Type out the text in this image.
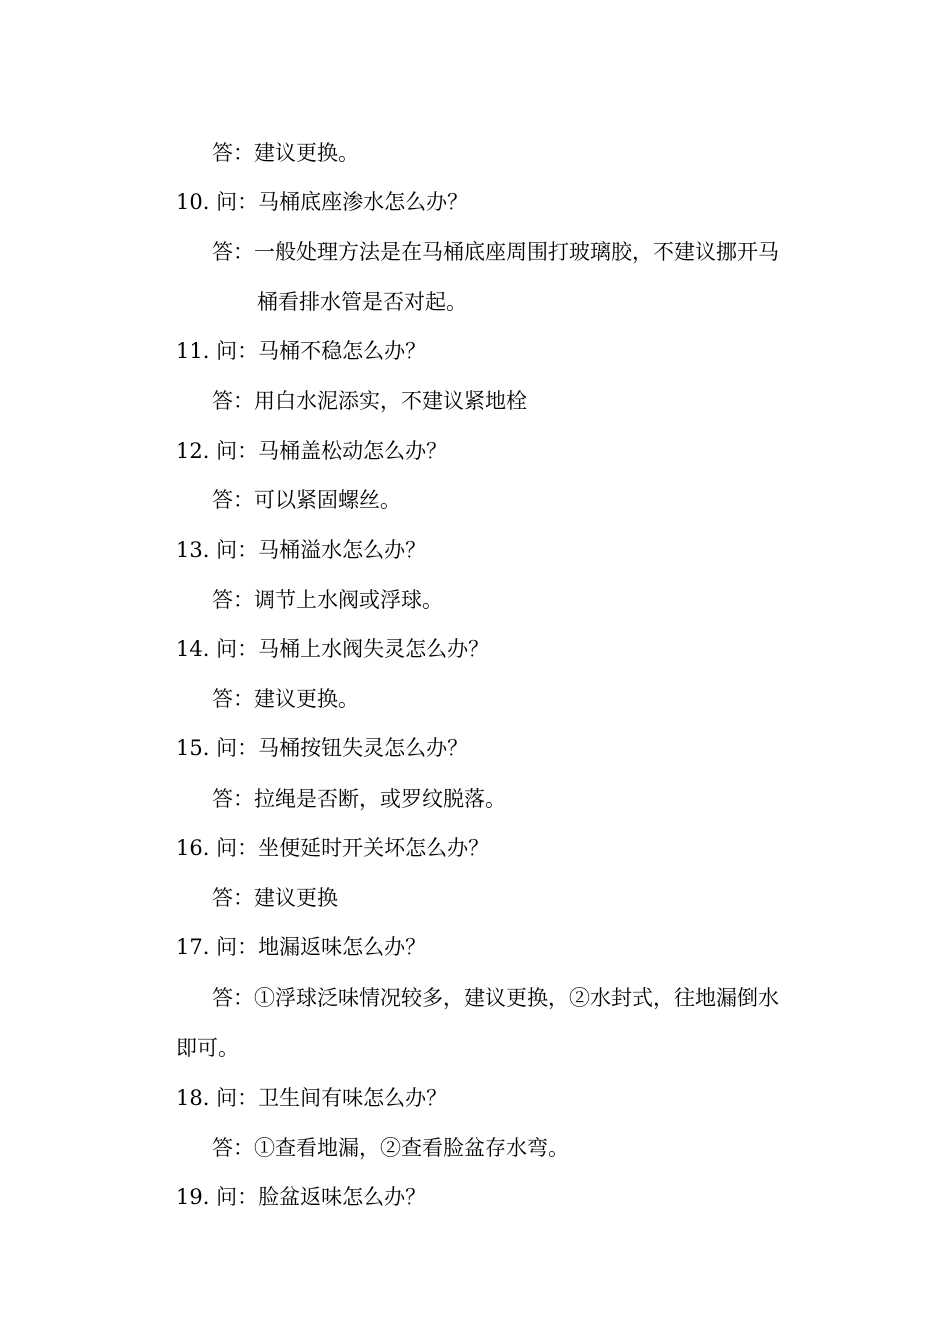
答：建议更换。
10. 问：马桶底座渗水怎么办？
答：一般处理方法是在马桶底座周围打玻璃胶，不建议挪开马
桶看排水管是否对起。
11. 问：马桶不稳怎么办？
答：用白水泥添实，不建议紧地栓
12. 问：马桶盖松动怎么办？
答：可以紧固螺丝。
13. 问：马桶溢水怎么办？
答：调节上水阀或浮球。
14. 问：马桶上水阀失灵怎么办？
答：建议更换。
15. 问：马桶按钮失灵怎么办？
答：拉绳是否断，或罗纹脱落。
16. 问：坐便延时开关坏怎么办？
答：建议更换
17. 问：地漏返味怎么办？
答：①浮球泛味情况较多，建议更换，②水封式，往地漏倒水
即可。
18. 问：卫生间有味怎么办？
答：①查看地漏，②查看脸盆存水弯。
19. 问：脸盆返味怎么办？
